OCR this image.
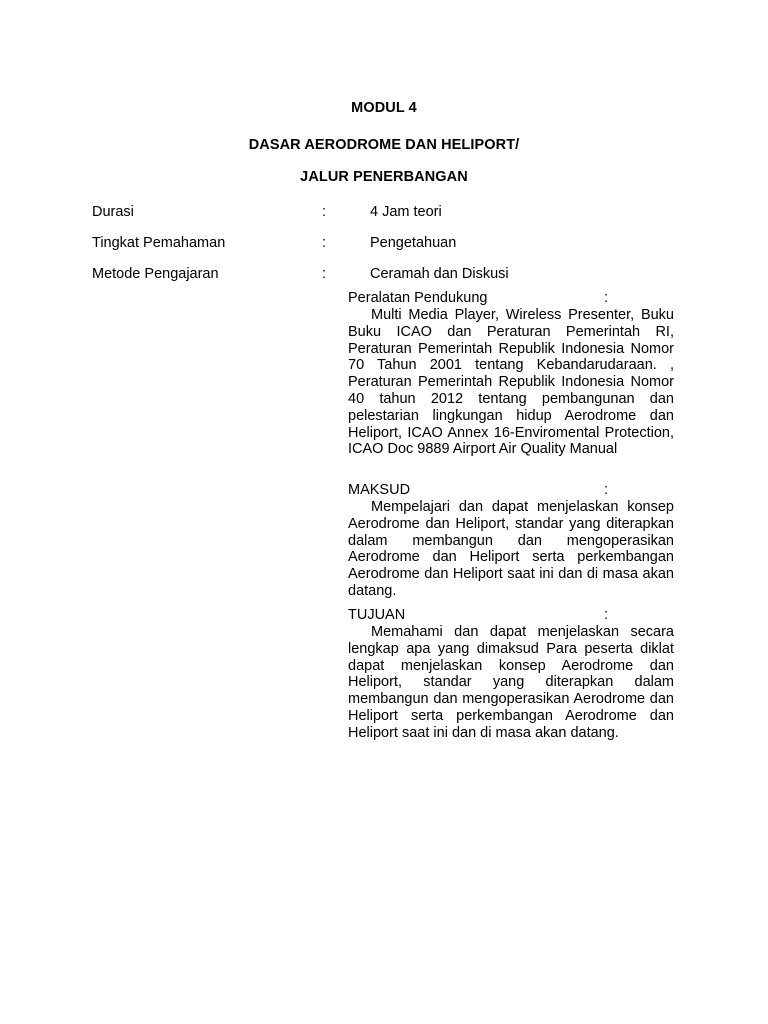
MODUL 4
DASAR AERODROME DAN HELIPORT/
JALUR PENERBANGAN
Durasi	:	4 Jam teori
Tingkat Pemahaman	:	Pengetahuan
Metode Pengajaran	:	Ceramah dan Diskusi
Peralatan Pendukung	:
Multi Media Player, Wireless Presenter, Buku Buku ICAO dan Peraturan Pemerintah RI, Peraturan Pemerintah Republik Indonesia Nomor 70 Tahun 2001 tentang Kebandarudaraan. , Peraturan Pemerintah Republik Indonesia Nomor 40 tahun 2012 tentang pembangunan dan pelestarian lingkungan hidup Aerodrome dan Heliport, ICAO Annex 16-Enviromental Protection, ICAO Doc 9889 Airport Air Quality Manual
MAKSUD	:
Mempelajari dan dapat menjelaskan konsep Aerodrome dan Heliport, standar yang diterapkan dalam membangun dan mengoperasikan Aerodrome dan Heliport serta perkembangan Aerodrome dan Heliport saat ini dan di masa akan datang.
TUJUAN	:
Memahami dan dapat menjelaskan secara lengkap apa yang dimaksud Para peserta diklat dapat menjelaskan konsep Aerodrome dan Heliport, standar yang diterapkan dalam membangun dan mengoperasikan Aerodrome dan Heliport serta perkembangan Aerodrome dan Heliport saat ini dan di masa akan datang.
